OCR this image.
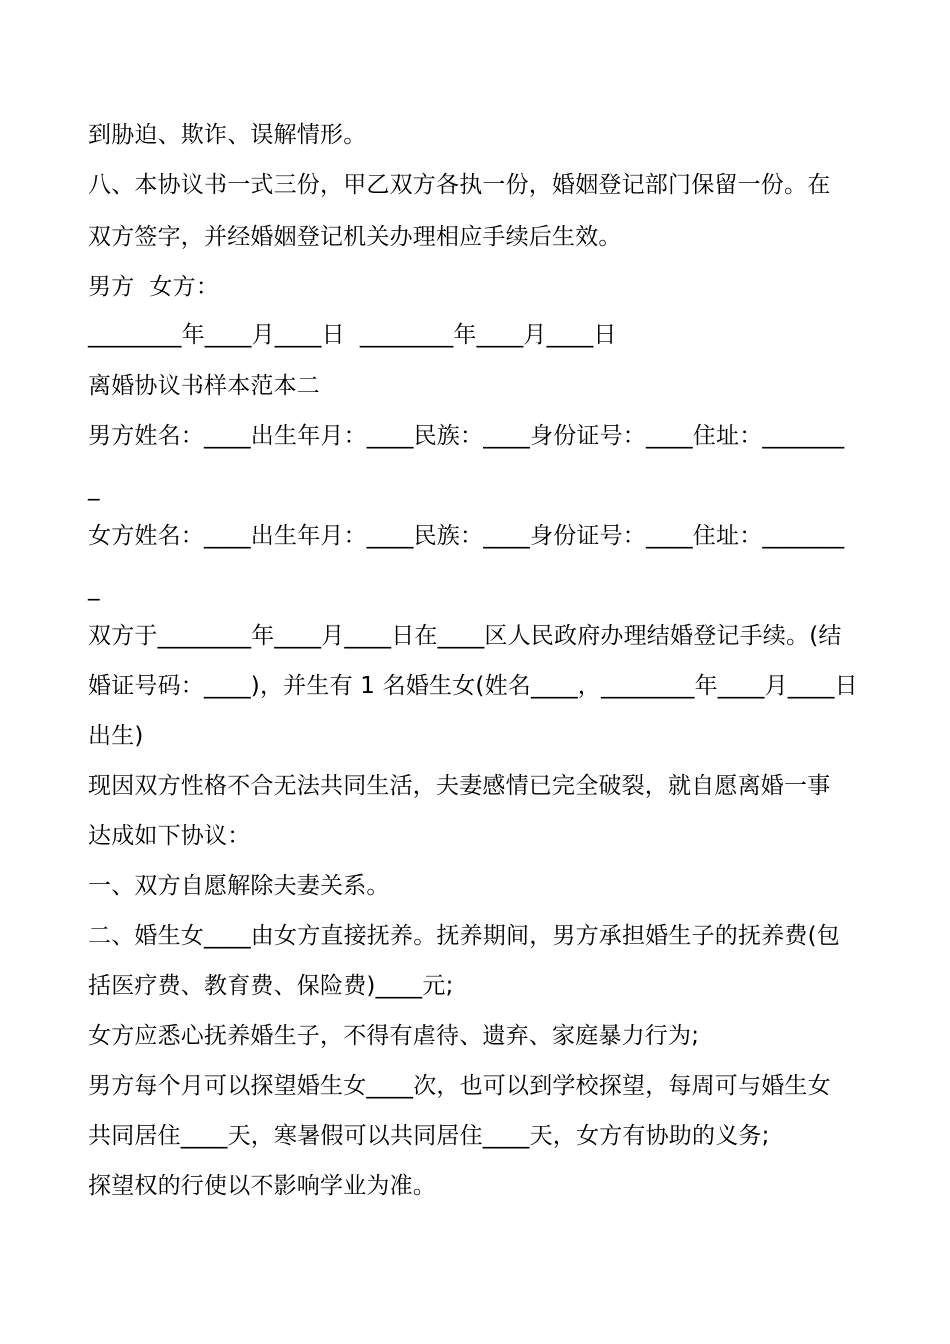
到胁迫、欺诈、误解情形。
八、本协议书一式三份，甲乙双方各执一份，婚姻登记部门保留一份。在
双方签字，并经婚姻登记机关办理相应手续后生效。
男方  女方：
________年____月____日  ________年____月____日
离婚协议书样本范本二
男方姓名：____出生年月：____民族：____身份证号：____住址：_______
_
女方姓名：____出生年月：____民族：____身份证号：____住址：_______
_
双方于________年____月____日在____区人民政府办理结婚登记手续。(结
婚证号码：____)，并生有 1 名婚生女(姓名____，________年____月____日
出生)
现因双方性格不合无法共同生活，夫妻感情已完全破裂，就自愿离婚一事
达成如下协议：
一、双方自愿解除夫妻关系。
二、婚生女____由女方直接抚养。抚养期间，男方承担婚生子的抚养费(包
括医疗费、教育费、保险费)____元;
女方应悉心抚养婚生子，不得有虐待、遗弃、家庭暴力行为;
男方每个月可以探望婚生女____次，也可以到学校探望，每周可与婚生女
共同居住____天，寒暑假可以共同居住____天，女方有协助的义务;
探望权的行使以不影响学业为准。
